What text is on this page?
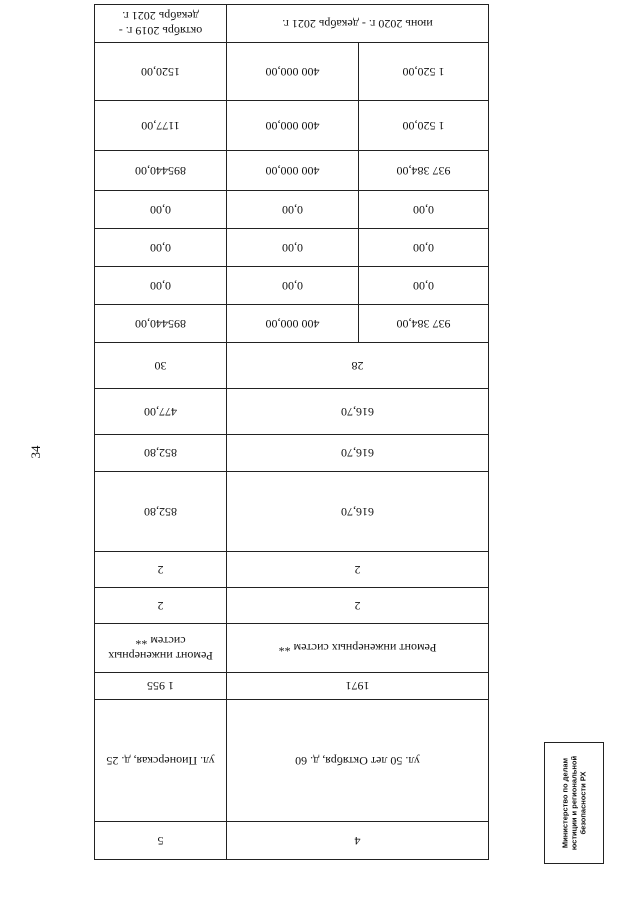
34
4		5
ул. 50 лет Октября, д. 60		ул. Пионерская, д. 25
1971		1 955
Ремонт инженерных систем **		Ремонт инженерных систем **
2		2
2		2
616,70		852,80
616,70		852,80
616,70		477,00
28		30
937 384,00	400 000,00	895440,00
0,00	0,00	0,00
0,00	0,00	0,00
0,00	0,00	0,00
937 384,00	400 000,00	895440,00
1 520,00	400 000,00	1177,00
1 520,00	400 000,00	1520,00
июнь 2020 г. - декабрь 2021 г.		октябрь 2019 г. - декабрь 2021 г.
Министерство по делам юстиции и региональной безопасности РХ
